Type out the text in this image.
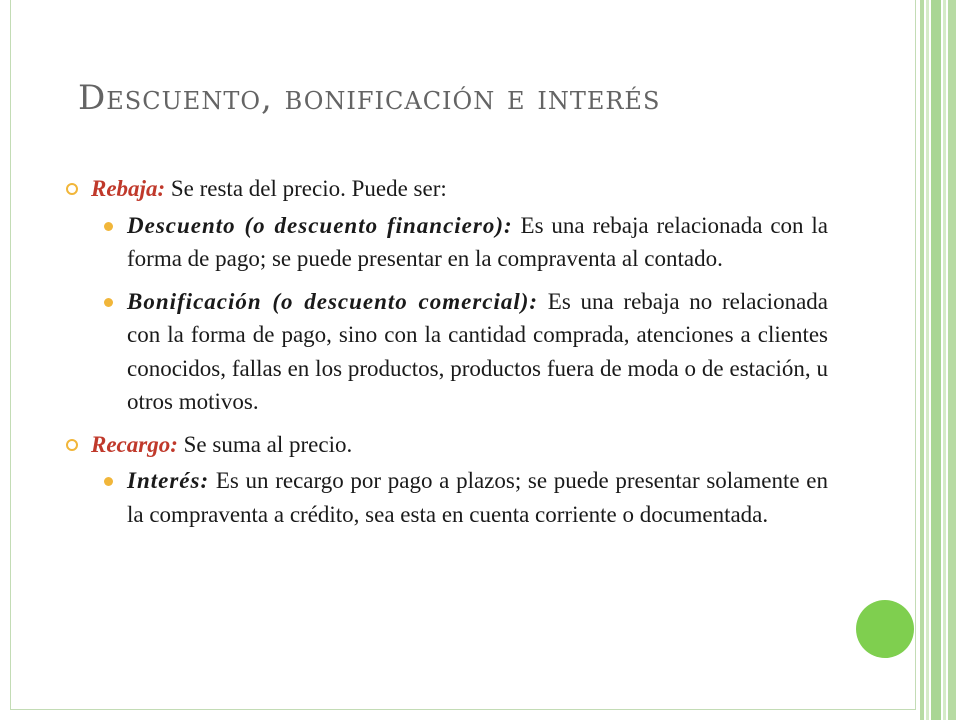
Descuento, bonificación e interés
Rebaja: Se resta del precio. Puede ser:
Descuento (o descuento financiero): Es una rebaja relacionada con la forma de pago; se puede presentar en la compraventa al contado.
Bonificación (o descuento comercial): Es una rebaja no relacionada con la forma de pago, sino con la cantidad comprada, atenciones a clientes conocidos, fallas en los productos, productos fuera de moda o de estación, u otros motivos.
Recargo: Se suma al precio.
Interés: Es un recargo por pago a plazos; se puede presentar solamente en la compraventa a crédito, sea esta en cuenta corriente o documentada.
